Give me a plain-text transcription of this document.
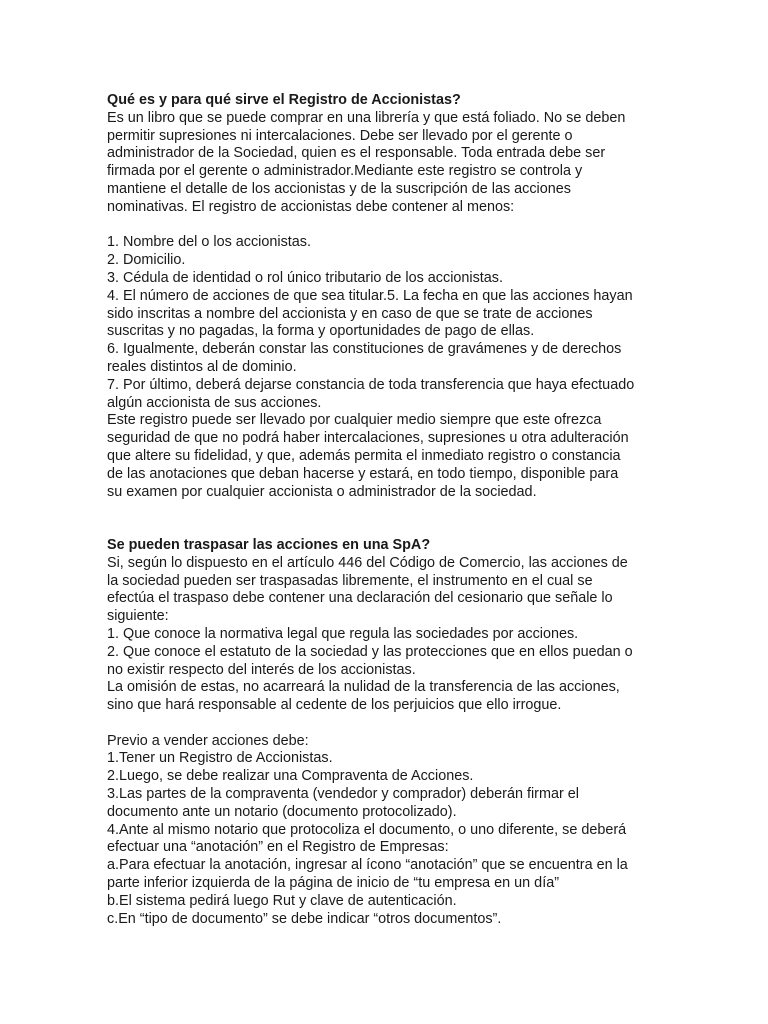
Qué es y para qué sirve el Registro de Accionistas?
Es un libro que se puede comprar en una librería y que está foliado. No se deben
permitir supresiones ni intercalaciones. Debe ser llevado por el gerente o
administrador de la Sociedad, quien es el responsable. Toda entrada debe ser
firmada por el gerente o administrador.Mediante este registro se controla y
mantiene el detalle de los accionistas y de la suscripción de las acciones
nominativas. El registro de accionistas debe contener al menos:
1. Nombre del o los accionistas.
2. Domicilio.
3. Cédula de identidad o rol único tributario de los accionistas.
4. El número de acciones de que sea titular.5. La fecha en que las acciones hayan
sido inscritas a nombre del accionista y en caso de que se trate de acciones
suscritas y no pagadas, la forma y oportunidades de pago de ellas.
6. Igualmente, deberán constar las constituciones de gravámenes y de derechos
reales distintos al de dominio.
7. Por último, deberá dejarse constancia de toda transferencia que haya efectuado
algún accionista de sus acciones.
Este registro puede ser llevado por cualquier medio siempre que este ofrezca
seguridad de que no podrá haber intercalaciones, supresiones u otra adulteración
que altere su fidelidad, y que, además permita el inmediato registro o constancia
de las anotaciones que deban hacerse y estará, en todo tiempo, disponible para
su examen por cualquier accionista o administrador de la sociedad.
Se pueden traspasar las acciones en una SpA?
Si, según lo dispuesto en el artículo 446 del Código de Comercio, las acciones de
la sociedad pueden ser traspasadas libremente, el instrumento en el cual se
efectúa el traspaso debe contener una declaración del cesionario que señale lo
siguiente:
1. Que conoce la normativa legal que regula las sociedades por acciones.
2. Que conoce el estatuto de la sociedad y las protecciones que en ellos puedan o
no existir respecto del interés de los accionistas.
La omisión de estas, no acarreará la nulidad de la transferencia de las acciones,
sino que hará responsable al cedente de los perjuicios que ello irrogue.
Previo a vender acciones debe:
1.Tener un Registro de Accionistas.
2.Luego, se debe realizar una Compraventa de Acciones.
3.Las partes de la compraventa (vendedor y comprador) deberán firmar el
documento ante un notario (documento protocolizado).
4.Ante al mismo notario que protocoliza el documento, o uno diferente, se deberá
efectuar una “anotación” en el Registro de Empresas:
a.Para efectuar la anotación, ingresar al ícono “anotación” que se encuentra en la
parte inferior izquierda de la página de inicio de “tu empresa en un día”
b.El sistema pedirá luego Rut y clave de autenticación.
c.En “tipo de documento” se debe indicar “otros documentos”.
